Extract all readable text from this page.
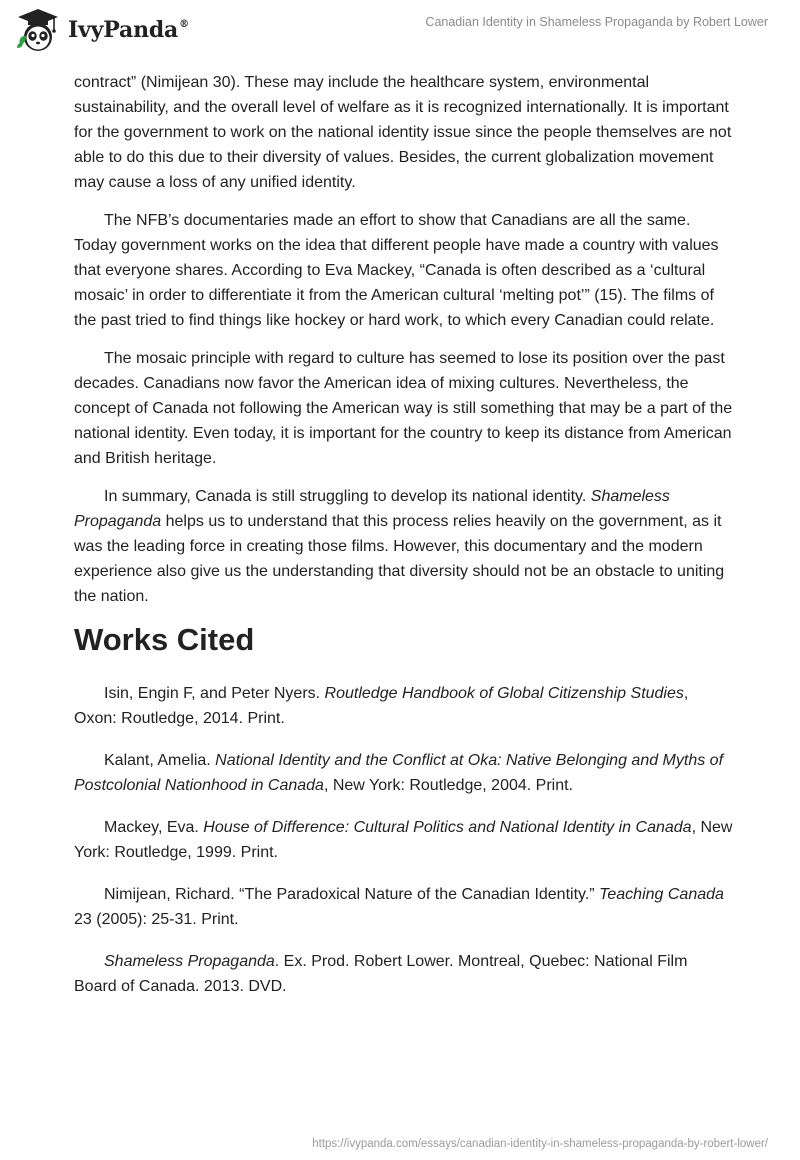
IvyPanda®	Canadian Identity in Shameless Propaganda by Robert Lower

contract” (Nimijean 30). These may include the healthcare system, environmental sustainability, and the overall level of welfare as it is recognized internationally. It is important for the government to work on the national identity issue since the people themselves are not able to do this due to their diversity of values. Besides, the current globalization movement may cause a loss of any unified identity.

The NFB’s documentaries made an effort to show that Canadians are all the same. Today government works on the idea that different people have made a country with values that everyone shares. According to Eva Mackey, “Canada is often described as a ‘cultural mosaic’ in order to differentiate it from the American cultural ‘melting pot’” (15). The films of the past tried to find things like hockey or hard work, to which every Canadian could relate.

The mosaic principle with regard to culture has seemed to lose its position over the past decades. Canadians now favor the American idea of mixing cultures. Nevertheless, the concept of Canada not following the American way is still something that may be a part of the national identity. Even today, it is important for the country to keep its distance from American and British heritage.

In summary, Canada is still struggling to develop its national identity. Shameless Propaganda helps us to understand that this process relies heavily on the government, as it was the leading force in creating those films. However, this documentary and the modern experience also give us the understanding that diversity should not be an obstacle to uniting the nation.

Works Cited

Isin, Engin F, and Peter Nyers. Routledge Handbook of Global Citizenship Studies, Oxon: Routledge, 2014. Print.

Kalant, Amelia. National Identity and the Conflict at Oka: Native Belonging and Myths of Postcolonial Nationhood in Canada, New York: Routledge, 2004. Print.

Mackey, Eva. House of Difference: Cultural Politics and National Identity in Canada, New York: Routledge, 1999. Print.

Nimijean, Richard. “The Paradoxical Nature of the Canadian Identity.” Teaching Canada 23 (2005): 25-31. Print.

Shameless Propaganda. Ex. Prod. Robert Lower. Montreal, Quebec: National Film Board of Canada. 2013. DVD.

https://ivypanda.com/essays/canadian-identity-in-shameless-propaganda-by-robert-lower/
